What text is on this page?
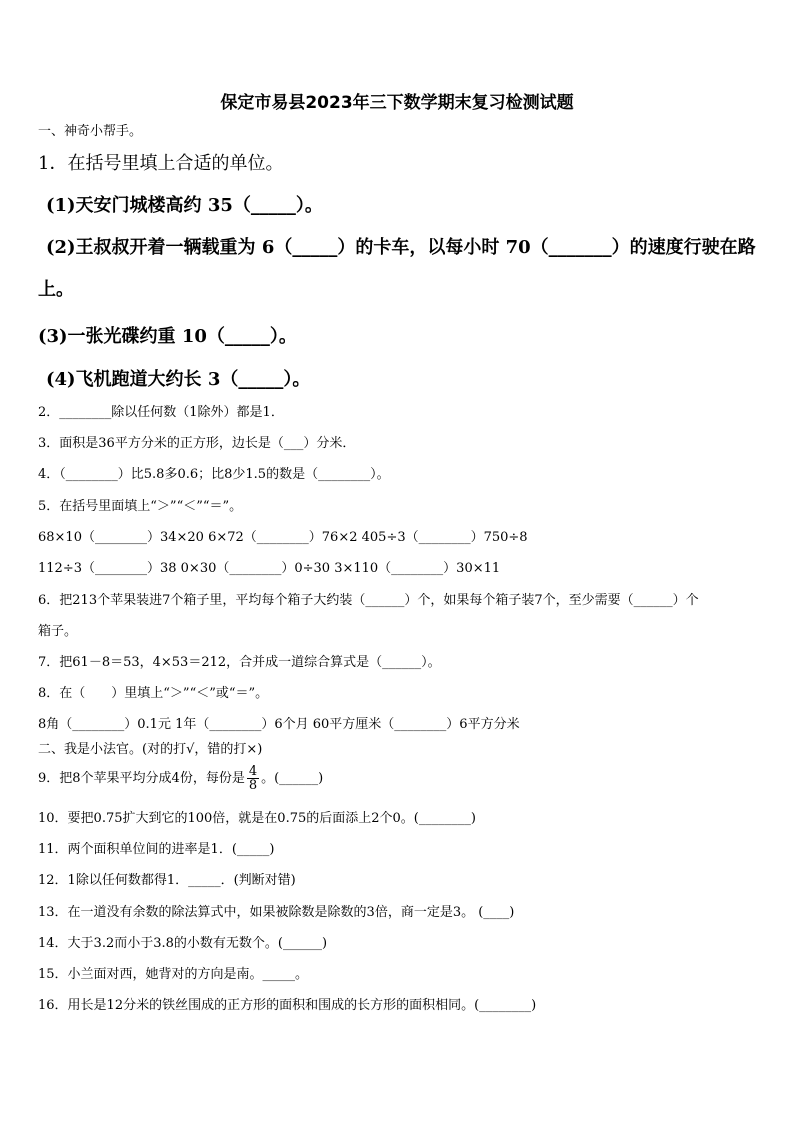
保定市易县2023年三下数学期末复习检测试题
一、神奇小帮手。
1．在括号里填上合适的单位。
(1)天安门城楼高约 35（_____）。
(2)王叔叔开着一辆载重为 6（_____）的卡车，以每小时 70（_______）的速度行驶在路
上。
(3)一张光碟约重 10（_____）。
(4)飞机跑道大约长 3（_____）。
2．________除以任何数（1除外）都是1．
3．面积是36平方分米的正方形，边长是（___）分米．
4．（________）比5.8多0.6；比8少1.5的数是（________）。
5．在括号里面填上“＞”“＜”“＝”。
68×10（________）34×20 6×72（________）76×2 405÷3（________）750÷8
112÷3（________）38 0×30（________）0÷30 3×110（________）30×11
6．把213个苹果装进7个箱子里，平均每个箱子大约装（______）个，如果每个箱子装7个，至少需要（______）个
箱子。
7．把61－8＝53，4×53＝212，合并成一道综合算式是（______）。
8．在（　　）里填上“＞”“＜”或“＝”。
8角（________）0.1元 1年（________）6个月 60平方厘米（________）6平方分米
二、我是小法官。(对的打√，错的打×)
9．把8个苹果平均分成4份，每份是 $\frac{4}{8}$ 。(______)
10．要把0.75扩大到它的100倍，就是在0.75的后面添上2个0。(________)
11．两个面积单位间的进率是1．(_____)
12．1除以任何数都得1．_____．(判断对错)
13．在一道没有余数的除法算式中，如果被除数是除数的3倍，商一定是3。 (____)
14．大于3.2而小于3.8的小数有无数个。(______)
15．小兰面对西，她背对的方向是南。_____。
16．用长是12分米的铁丝围成的正方形的面积和围成的长方形的面积相同。(________)
